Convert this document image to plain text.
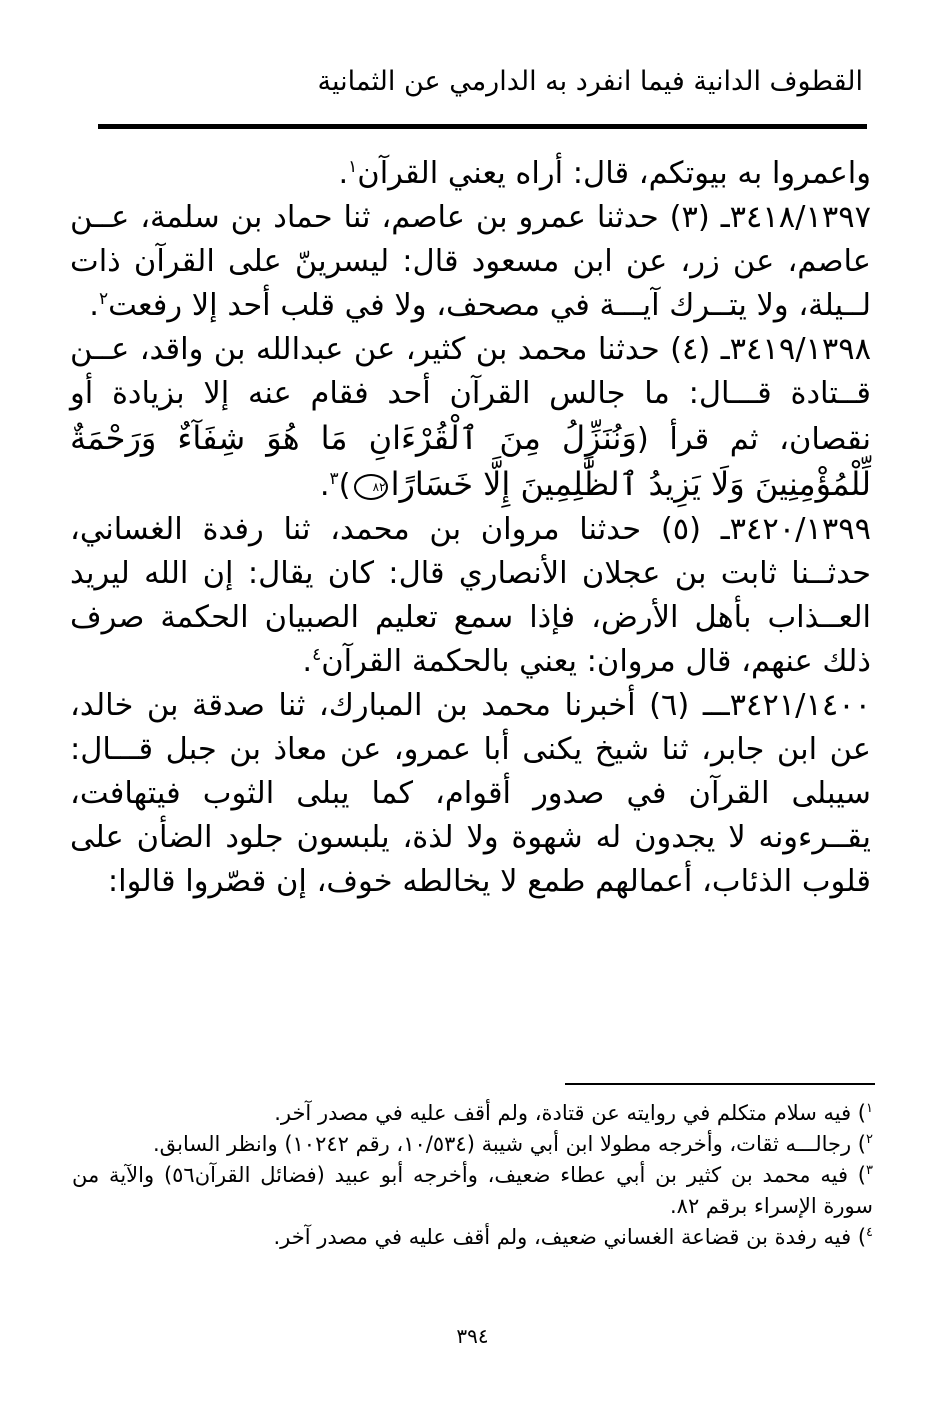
القطوف الدانية فيما انفرد به الدارمي عن الثمانية

واعمروا به بيوتكم، قال: أراه يعني القرآن$^١$.

٣٤١٨/١٣٩٧ـ (٣) حدثنا عمرو بن عاصم، ثنا حماد بن سلمة، عــن عاصم، عن زر، عن ابن مسعود قال: ليسرينّ على القرآن ذات لــيلة، ولا يتــرك آيـــة في مصحف، ولا في قلب أحد إلا رفعت$^٢$.

٣٤١٩/١٣٩٨ـ (٤) حدثنا محمد بن كثير، عن عبدالله بن واقد، عــن قــتادة قـــال: ما جالس القرآن أحد فقام عنه إلا بزيادة أو نقصان، ثم قرأ (وَنُنَزِّلُ مِنَ ٱلْقُرْءَانِ مَا هُوَ شِفَآءٌ وَرَحْمَةٌ لِّلْمُؤْمِنِينَ وَلَا يَزِيدُ ٱلظَّٰلِمِينَ إِلَّا خَسَارًا٨٢)$^٣$.

٣٤٢٠/١٣٩٩ـ (٥) حدثنا مروان بن محمد، ثنا رفدة الغساني، حدثــنا ثابت بن عجلان الأنصاري قال: كان يقال: إن الله ليريد العــذاب بأهل الأرض، فإذا سمع تعليم الصبيان الحكمة صرف ذلك عنهم، قال مروان: يعني بالحكمة القرآن$^٤$.

٣٤٢١/١٤٠٠ـــ (٦) أخبرنا محمد بن المبارك، ثنا صدقة بن خالد، عن ابن جابر، ثنا شيخ يكنى أبا عمرو، عن معاذ بن جبل قـــال: سيبلى القرآن في صدور أقوام، كما يبلى الثوب فيتهافت، يقــرءونه لا يجدون له شهوة ولا لذة، يلبسون جلود الضأن على قلوب الذئاب، أعمالهم طمع لا يخالطه خوف، إن قصّروا قالوا:

$^١$) فيه سلام متكلم في روايته عن قتادة، ولم أقف عليه في مصدر آخر.

$^٢$) رجالـــه ثقات، وأخرجه مطولا ابن أبي شيبة (١٠/٥٣٤، رقم ١٠٢٤٢) وانظر السابق.

$^٣$) فيه محمد بن كثير بن أبي عطاء ضعيف، وأخرجه أبو عبيد (فضائل القرآن٥٦) والآية من سورة الإسراء برقم ٨٢.

$^٤$) فيه رفدة بن قضاعة الغساني ضعيف، ولم أقف عليه في مصدر آخر.

٣٩٤
